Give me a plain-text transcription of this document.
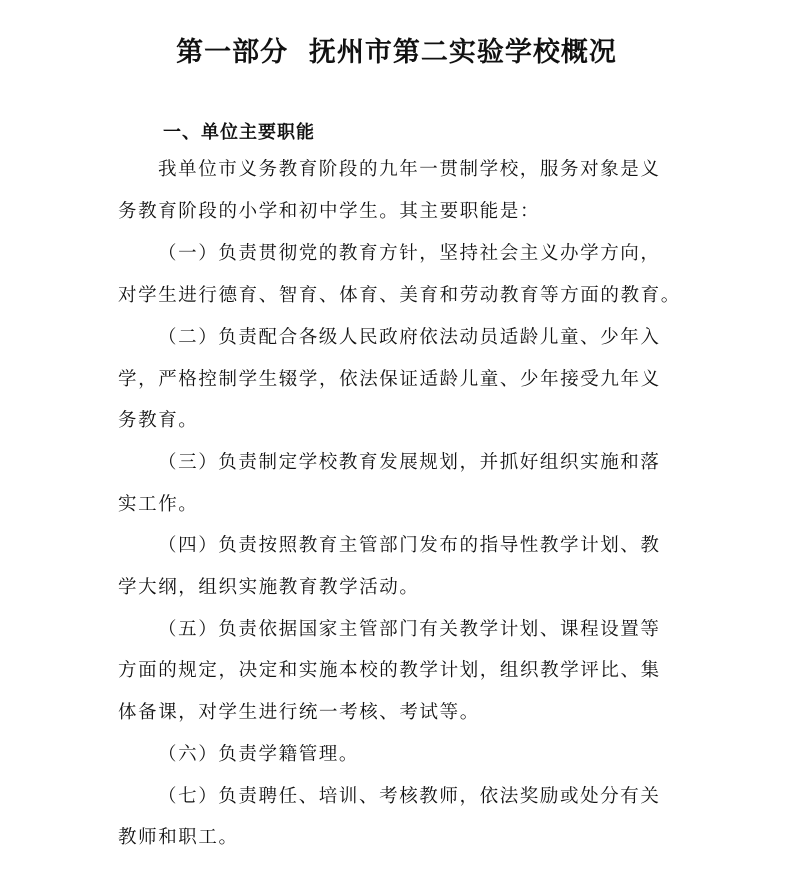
第一部分  抚州市第二实验学校概况
一、单位主要职能
我单位市义务教育阶段的九年一贯制学校，服务对象是义
务教育阶段的小学和初中学生。其主要职能是：
（一）负责贯彻党的教育方针，坚持社会主义办学方向，
对学生进行德育、智育、体育、美育和劳动教育等方面的教育。
（二）负责配合各级人民政府依法动员适龄儿童、少年入
学，严格控制学生辍学，依法保证适龄儿童、少年接受九年义
务教育。
（三）负责制定学校教育发展规划，并抓好组织实施和落
实工作。
（四）负责按照教育主管部门发布的指导性教学计划、教
学大纲，组织实施教育教学活动。
（五）负责依据国家主管部门有关教学计划、课程设置等
方面的规定，决定和实施本校的教学计划，组织教学评比、集
体备课，对学生进行统一考核、考试等。
（六）负责学籍管理。
（七）负责聘任、培训、考核教师，依法奖励或处分有关
教师和职工。
